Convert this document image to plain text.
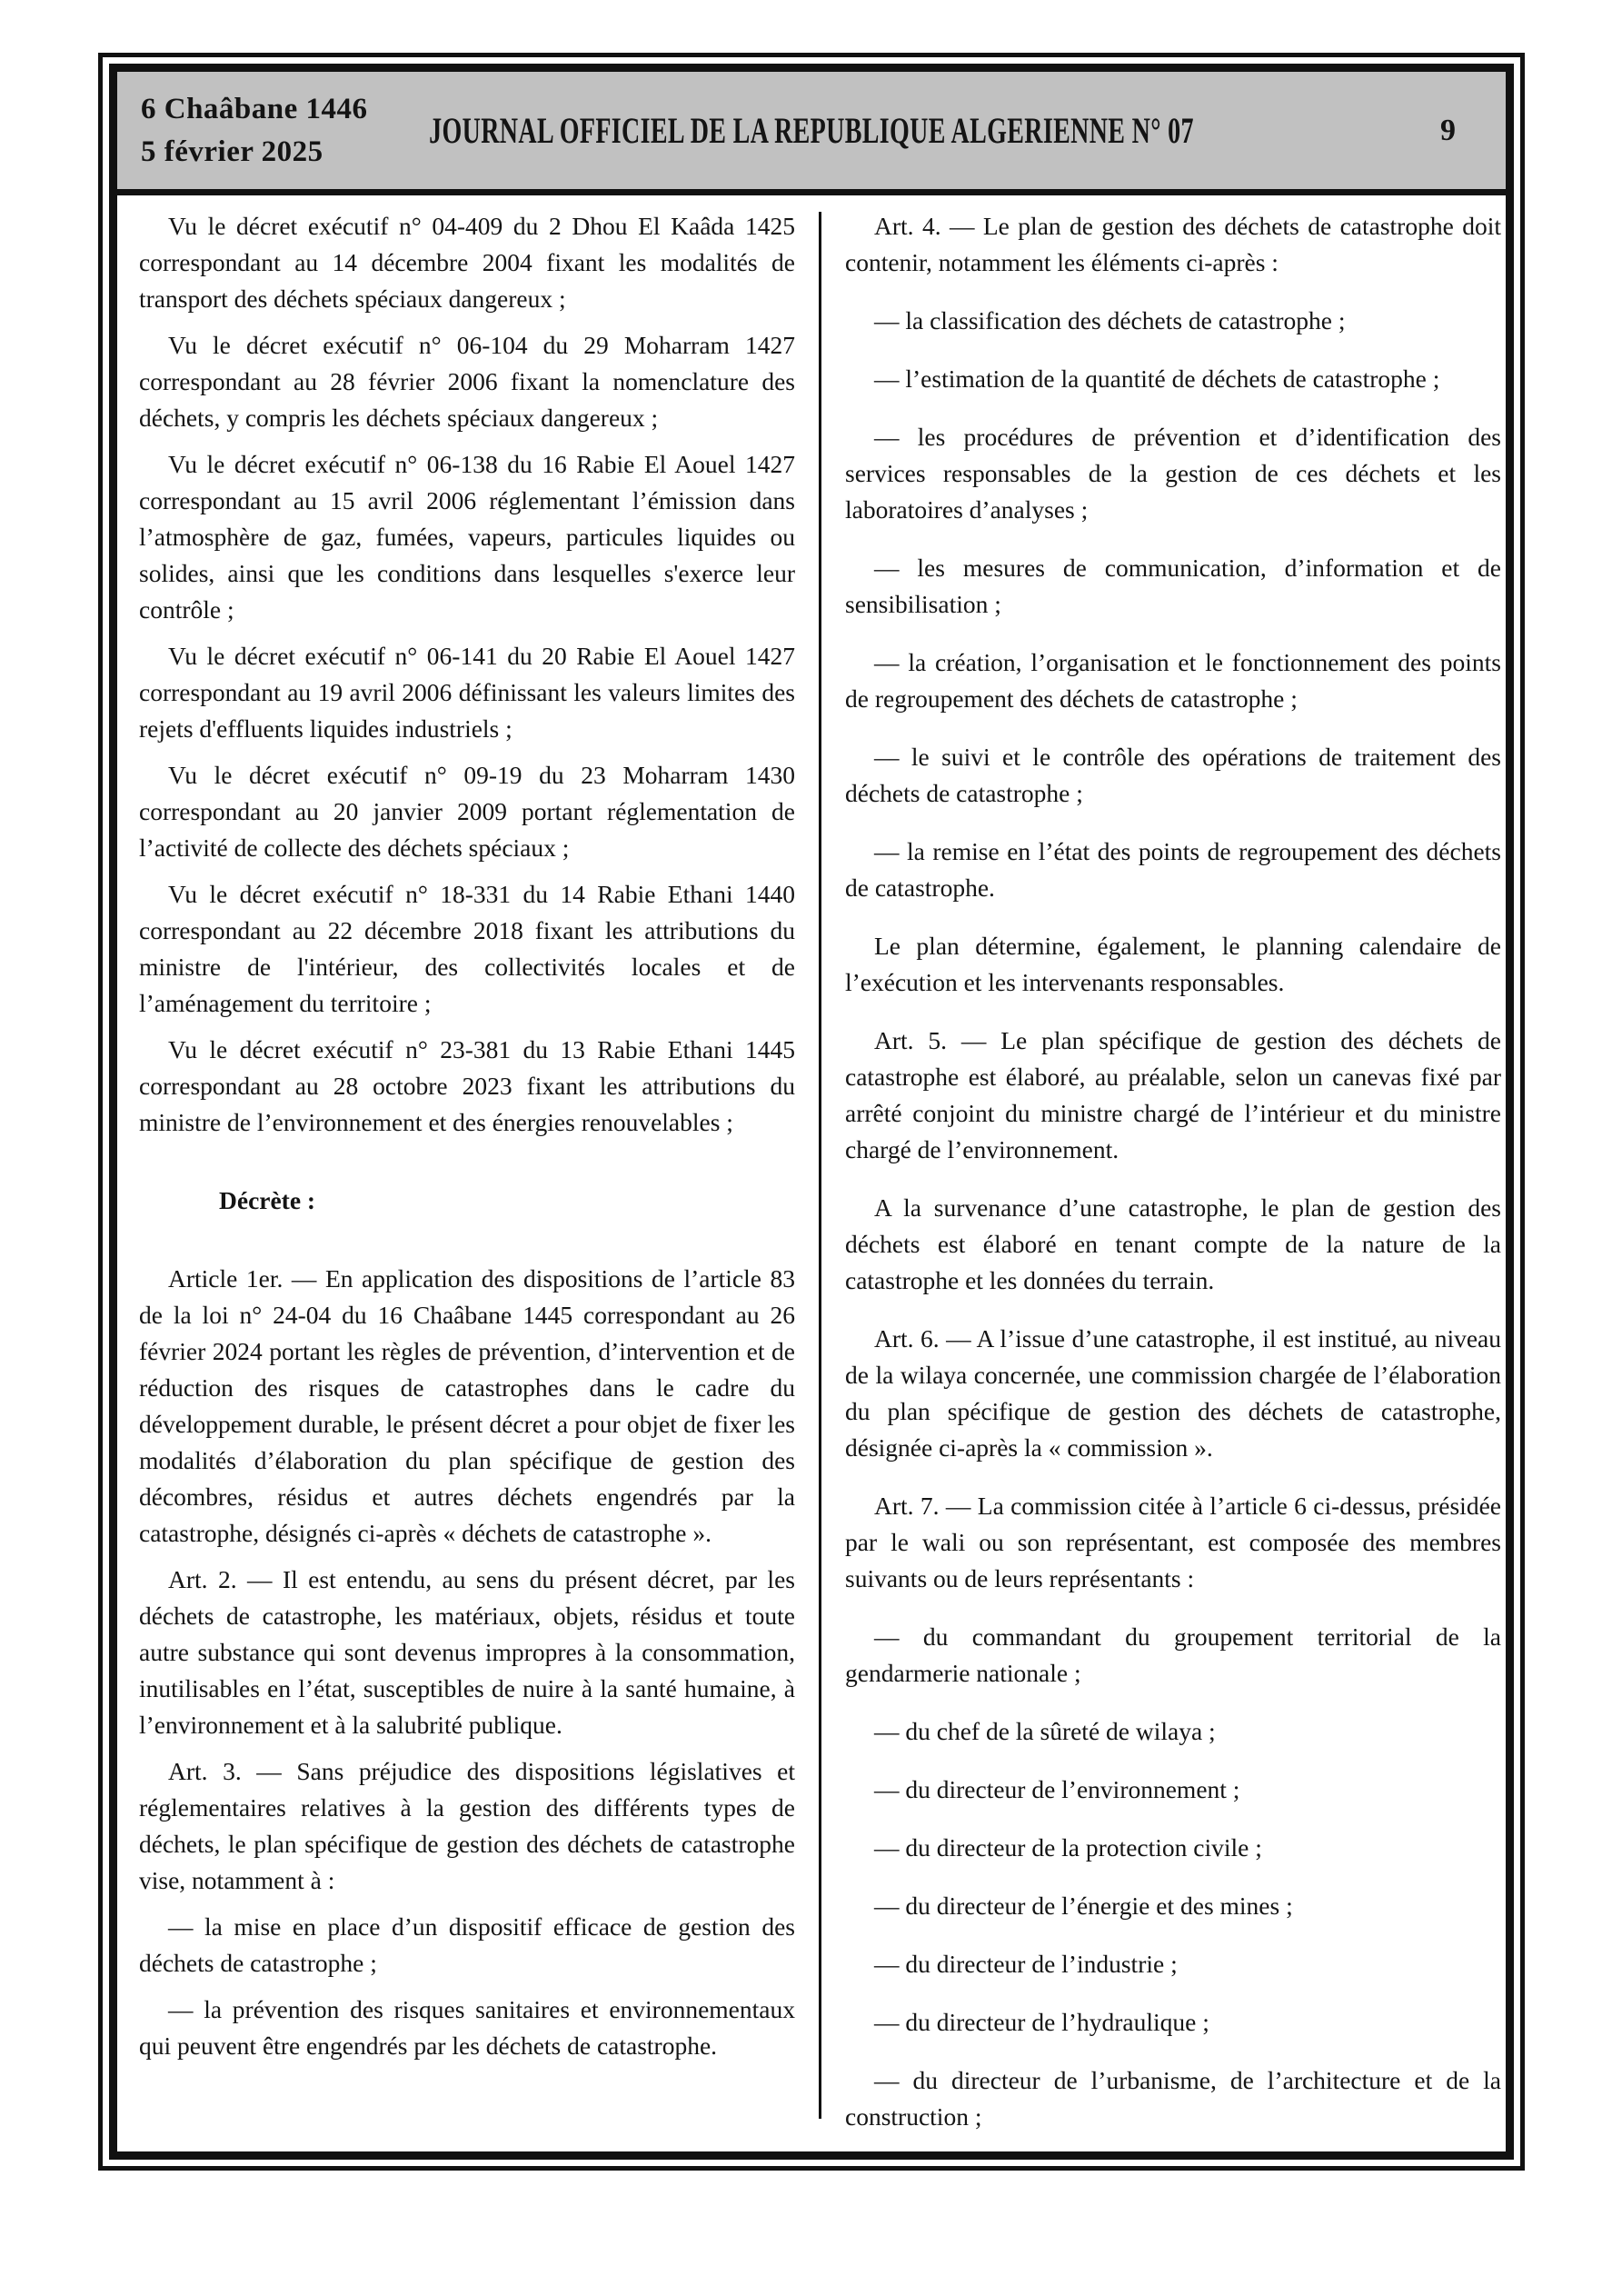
6 Chaâbane 1446
5 février 2025
JOURNAL OFFICIEL DE LA REPUBLIQUE ALGERIENNE N° 07	9

Vu le décret exécutif n° 04-409 du 2 Dhou El Kaâda 1425 correspondant au 14 décembre 2004 fixant les modalités de transport des déchets spéciaux dangereux ;

Vu le décret exécutif n° 06-104 du 29 Moharram 1427 correspondant au 28 février 2006 fixant la nomenclature des déchets, y compris les déchets spéciaux dangereux ;

Vu le décret exécutif n° 06-138 du 16 Rabie El Aouel 1427 correspondant au 15 avril 2006 réglementant l’émission dans l’atmosphère de gaz, fumées, vapeurs, particules liquides ou solides, ainsi que les conditions dans lesquelles s'exerce leur contrôle ;

Vu le décret exécutif n° 06-141 du 20 Rabie El Aouel 1427 correspondant au 19 avril 2006 définissant les valeurs limites des rejets d'effluents liquides industriels ;

Vu le décret exécutif n° 09-19 du 23 Moharram 1430 correspondant au 20 janvier 2009 portant réglementation de l’activité de collecte des déchets spéciaux ;

Vu le décret exécutif n° 18-331 du 14 Rabie Ethani 1440 correspondant au 22 décembre 2018 fixant les attributions du ministre de l'intérieur, des collectivités locales et de l’aménagement du territoire ;

Vu le décret exécutif n° 23-381 du 13 Rabie Ethani 1445 correspondant au 28 octobre 2023 fixant les attributions du ministre de l’environnement et des énergies renouvelables ;

Décrète :

Article 1er. — En application des dispositions de l’article 83 de la loi n° 24-04 du 16 Chaâbane 1445 correspondant au 26 février 2024 portant les règles de prévention, d’intervention et de réduction des risques de catastrophes dans le cadre du développement durable, le présent décret a pour objet de fixer les modalités d’élaboration du plan spécifique de gestion des décombres, résidus et autres déchets engendrés par la catastrophe, désignés ci-après « déchets de catastrophe ».

Art. 2. — Il est entendu, au sens du présent décret, par les déchets de catastrophe, les matériaux, objets, résidus et toute autre substance qui sont devenus impropres à la consommation, inutilisables en l’état, susceptibles de nuire à la santé humaine, à l’environnement et à la salubrité publique.

Art. 3. — Sans préjudice des dispositions législatives et réglementaires relatives à la gestion des différents types de déchets, le plan spécifique de gestion des déchets de catastrophe vise, notamment à :

— la mise en place d’un dispositif efficace de gestion des déchets de catastrophe ;

— la prévention des risques sanitaires et environnementaux qui peuvent être engendrés par les déchets de catastrophe.

Art. 4. — Le plan de gestion des déchets de catastrophe doit contenir, notamment les éléments ci-après :

— la classification des déchets de catastrophe ;

— l’estimation de la quantité de déchets de catastrophe ;

— les procédures de prévention et d’identification des services responsables de la gestion de ces déchets et les laboratoires d’analyses ;

— les mesures de communication, d’information et de sensibilisation ;

— la création, l’organisation et le fonctionnement des points de regroupement des déchets de catastrophe ;

— le suivi et le contrôle des opérations de traitement des déchets de catastrophe ;

— la remise en l’état des points de regroupement des déchets de catastrophe.

Le plan détermine, également, le planning calendaire de l’exécution et les intervenants responsables.

Art. 5. — Le plan spécifique de gestion des déchets de catastrophe est élaboré, au préalable, selon un canevas fixé par arrêté conjoint du ministre chargé de l’intérieur et du ministre chargé de l’environnement.

A la survenance d’une catastrophe, le plan de gestion des déchets est élaboré en tenant compte de la nature de la catastrophe et les données du terrain.

Art. 6. — A l’issue d’une catastrophe, il est institué, au niveau de la wilaya concernée, une commission chargée de l’élaboration du plan spécifique de gestion des déchets de catastrophe, désignée ci-après la « commission ».

Art. 7. — La commission citée à l’article 6 ci-dessus, présidée par le wali ou son représentant, est composée des membres suivants ou de leurs représentants :

— du commandant du groupement territorial de la gendarmerie nationale ;

— du chef de la sûreté de wilaya ;

— du directeur de l’environnement ;

— du directeur de la protection civile ;

— du directeur de l’énergie et des mines ;

— du directeur de l’industrie ;

— du directeur de l’hydraulique ;

— du directeur de l’urbanisme, de l’architecture et de la construction ;
